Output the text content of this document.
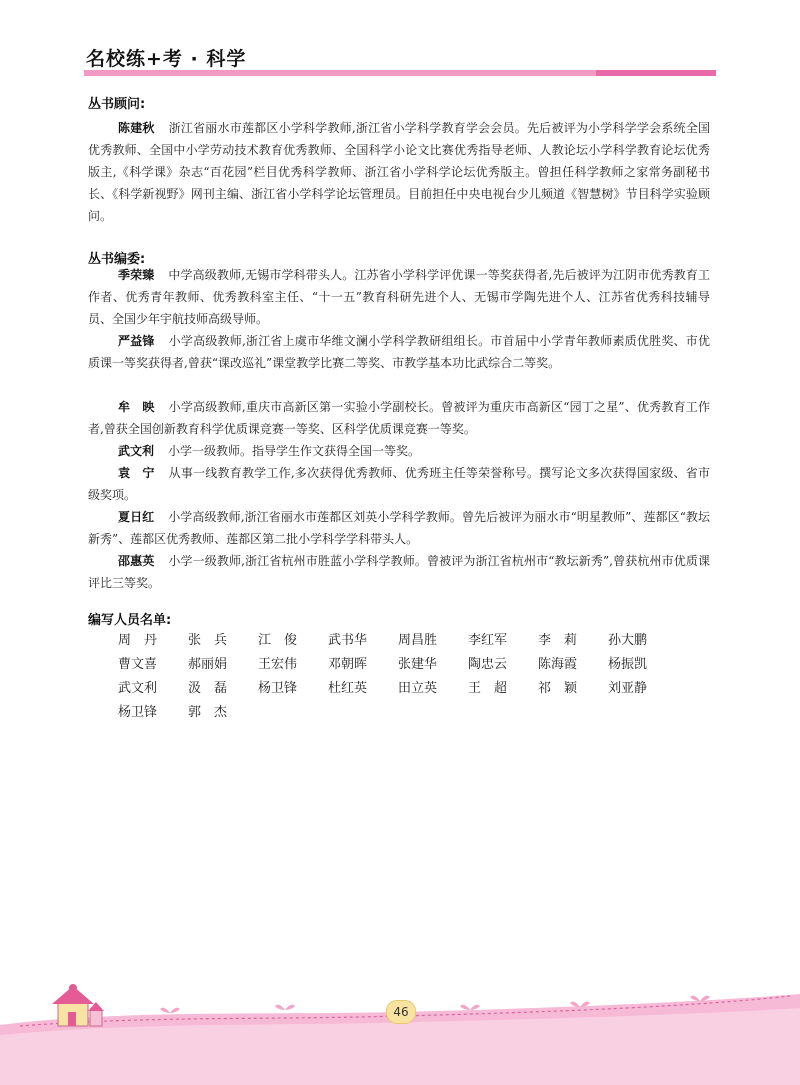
名校练+考 · 科学
丛书顾问:
陈建秋 浙江省丽水市莲都区小学科学教师,浙江省小学科学教育学会会员。先后被评为小学科学学会系统全国优秀教师、全国中小学劳动技术教育优秀教师、全国科学小论文比赛优秀指导老师、人教论坛小学科学教育论坛优秀版主,《科学课》杂志“百花园”栏目优秀科学教师、浙江省小学科学论坛优秀版主。曾担任科学教师之家常务副秘书长、《科学新视野》网刊主编、浙江省小学科学论坛管理员。目前担任中央电视台少儿频道《智慧树》节目科学实验顾问。
丛书编委:
季荣臻 中学高级教师,无锡市学科带头人。江苏省小学科学评优课一等奖获得者,先后被评为江阴市优秀教育工作者、优秀青年教师、优秀教科室主任、“十一五”教育科研先进个人、无锡市学陶先进个人、江苏省优秀科技辅导员、全国少年宇航技师高级导师。
严益锋 小学高级教师,浙江省上虞市华维文澜小学科学教研组组长。市首届中小学青年教师素质优胜奖、市优质课一等奖获得者,曾获“课改巡礼”课堂教学比赛二等奖、市教学基本功比武综合二等奖。
牟　映 小学高级教师,重庆市高新区第一实验小学副校长。曾被评为重庆市高新区“园丁之星”、优秀教育工作者,曾获全国创新教育科学优质课竞赛一等奖、区科学优质课竞赛一等奖。
武文利 小学一级教师。指导学生作文获得全国一等奖。
袁　宁 从事一线教育教学工作,多次获得优秀教师、优秀班主任等荣誉称号。撰写论文多次获得国家级、省市级奖项。
夏日红 小学高级教师,浙江省丽水市莲都区刘英小学科学教师。曾先后被评为丽水市“明星教师”、莲都区“教坛新秀”、莲都区优秀教师、莲都区第二批小学科学学科带头人。
邵惠英 小学一级教师,浙江省杭州市胜蓝小学科学教师。曾被评为浙江省杭州市“教坛新秀”,曾获杭州市优质课评比三等奖。
编写人员名单:
周　丹	张　兵	江　俊	武书华	周昌胜	李红军	李　莉	孙大鹏
曹文喜	郝丽娟	王宏伟	邓朝晖	张建华	陶忠云	陈海霞	杨振凯
武文利	汲　磊	杨卫锋	杜红英	田立英	王　超	祁　颖	刘亚静
杨卫锋	郭　杰
46
